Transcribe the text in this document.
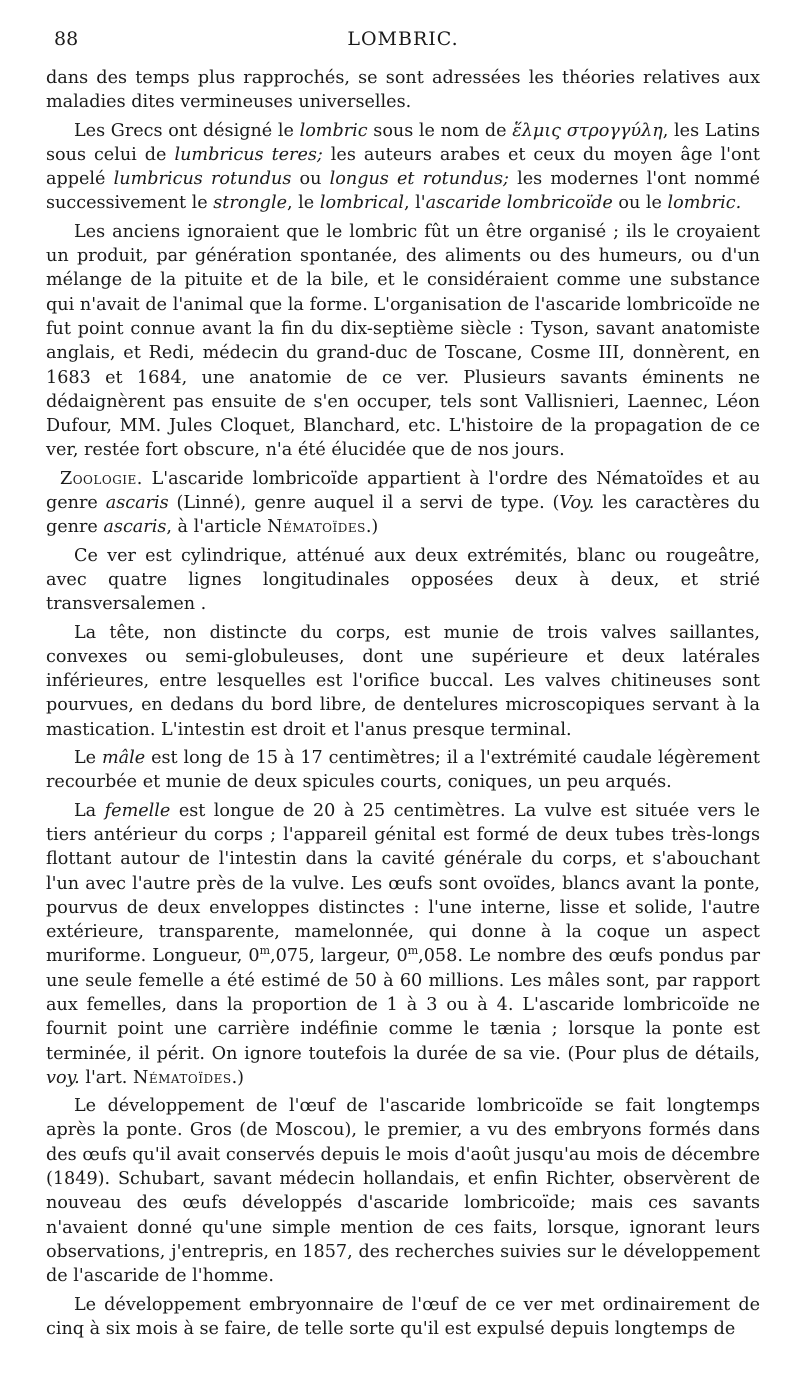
88	LOMBRIC.

dans des temps plus rapprochés, se sont adressées les théories relatives aux maladies dites vermineuses universelles.

Les Grecs ont désigné le lombric sous le nom de ἕλμις στρογγύλη, les Latins sous celui de lumbricus teres; les auteurs arabes et ceux du moyen âge l'ont appelé lumbricus rotundus ou longus et rotundus; les modernes l'ont nommé successivement le strongle, le lombrical, l'ascaride lombricoïde ou le lombric.

Les anciens ignoraient que le lombric fût un être organisé ; ils le croyaient un produit, par génération spontanée, des aliments ou des humeurs, ou d'un mélange de la pituite et de la bile, et le considéraient comme une substance qui n'avait de l'animal que la forme. L'organisation de l'ascaride lombricoïde ne fut point connue avant la fin du dix-septième siècle : Tyson, savant anatomiste anglais, et Redi, médecin du grand-duc de Toscane, Cosme III, donnèrent, en 1683 et 1684, une anatomie de ce ver. Plusieurs savants éminents ne dédaignèrent pas ensuite de s'en occuper, tels sont Vallisnieri, Laennec, Léon Dufour, MM. Jules Cloquet, Blanchard, etc. L'histoire de la propagation de ce ver, restée fort obscure, n'a été élucidée que de nos jours.

Zoologie. L'ascaride lombricoïde appartient à l'ordre des Nématoïdes et au genre ascaris (Linné), genre auquel il a servi de type. (Voy. les caractères du genre ascaris, à l'article Nématoïdes.)

Ce ver est cylindrique, atténué aux deux extrémités, blanc ou rougeâtre, avec quatre lignes longitudinales opposées deux à deux, et strié transversalemen .

La tête, non distincte du corps, est munie de trois valves saillantes, convexes ou semi-globuleuses, dont une supérieure et deux latérales inférieures, entre lesquelles est l'orifice buccal. Les valves chitineuses sont pourvues, en dedans du bord libre, de dentelures microscopiques servant à la mastication. L'intestin est droit et l'anus presque terminal.

Le mâle est long de 15 à 17 centimètres; il a l'extrémité caudale légèrement recourbée et munie de deux spicules courts, coniques, un peu arqués.

La femelle est longue de 20 à 25 centimètres. La vulve est située vers le tiers antérieur du corps ; l'appareil génital est formé de deux tubes très-longs flottant autour de l'intestin dans la cavité générale du corps, et s'abouchant l'un avec l'autre près de la vulve. Les œufs sont ovoïdes, blancs avant la ponte, pourvus de deux enveloppes distinctes : l'une interne, lisse et solide, l'autre extérieure, transparente, mamelonnée, qui donne à la coque un aspect muriforme. Longueur, 0$^m$,075, largeur, 0$^m$,058. Le nombre des œufs pondus par une seule femelle a été estimé de 50 à 60 millions. Les mâles sont, par rapport aux femelles, dans la proportion de 1 à 3 ou à 4. L'ascaride lombricoïde ne fournit point une carrière indéfinie comme le tænia ; lorsque la ponte est terminée, il périt. On ignore toutefois la durée de sa vie. (Pour plus de détails, voy. l'art. Nématoïdes.)

Le développement de l'œuf de l'ascaride lombricoïde se fait longtemps après la ponte. Gros (de Moscou), le premier, a vu des embryons formés dans des œufs qu'il avait conservés depuis le mois d'août jusqu'au mois de décembre (1849). Schubart, savant médecin hollandais, et enfin Richter, observèrent de nouveau des œufs développés d'ascaride lombricoïde; mais ces savants n'avaient donné qu'une simple mention de ces faits, lorsque, ignorant leurs observations, j'entrepris, en 1857, des recherches suivies sur le développement de l'ascaride de l'homme.

Le développement embryonnaire de l'œuf de ce ver met ordinairement de cinq à six mois à se faire, de telle sorte qu'il est expulsé depuis longtemps de
